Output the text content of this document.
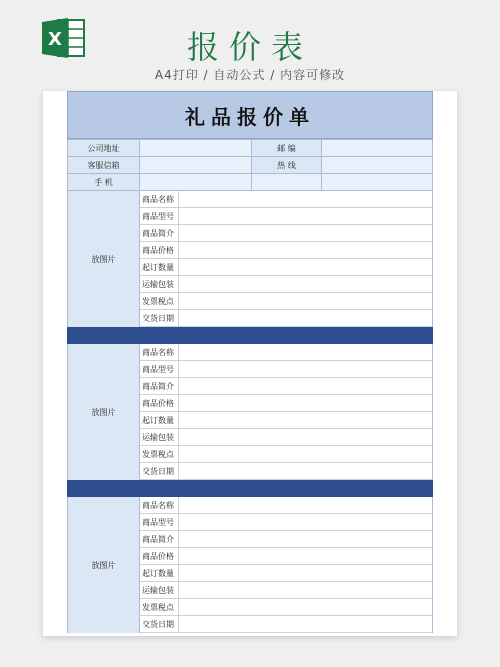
X	报价表
A4打印 / 自动公式 / 内容可修改
礼品报价单
公司地址		邮 编	
客服信箱		热 线	
手 机			
放图片
商品名称
商品型号
商品简介
商品价格
起订数量
运输包装
发票税点
交货日期
放图片
商品名称
商品型号
商品简介
商品价格
起订数量
运输包装
发票税点
交货日期
放图片
商品名称
商品型号
商品简介
商品价格
起订数量
运输包装
发票税点
交货日期
